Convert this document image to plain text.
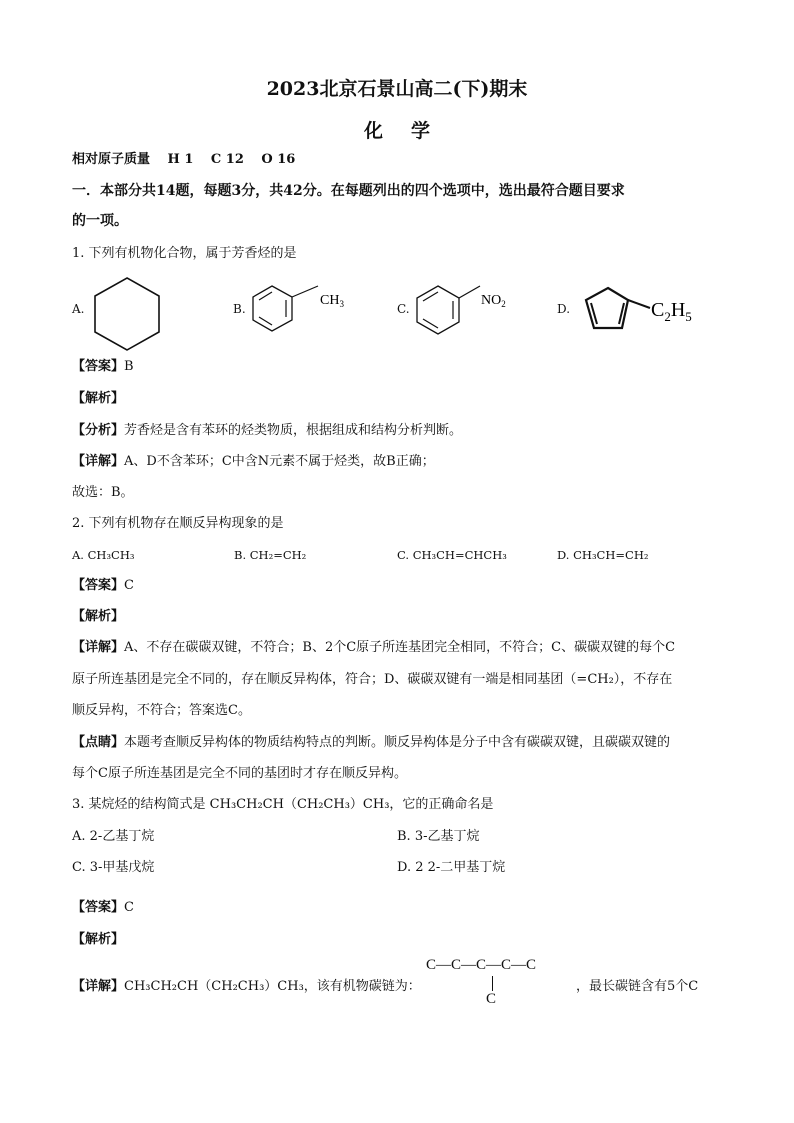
2023北京石景山高二(下)期末
化学
相对原子质量　 H 1　 C 12　 O 16
一．本部分共14题，每题3分，共42分。在每题列出的四个选项中，选出最符合题目要求
的一项。
1. 下列有机物化合物，属于芳香烃的是
A.	B.
$CH_3$	C.
$NO_2$	D.	$C_2H_5$
【答案】B
【解析】
【分析】芳香烃是含有苯环的烃类物质，根据组成和结构分析判断。
【详解】A、D不含苯环；C中含N元素不属于烃类，故B正确；
故选：B。
2. 下列有机物存在顺反异构现象的是
A. CH₃CH₃	B. CH₂=CH₂	C. CH₃CH=CHCH₃	D. CH₃CH=CH₂
【答案】C
【解析】
【详解】A、不存在碳碳双键，不符合；B、2个C原子所连基团完全相同，不符合；C、碳碳双键的每个C
原子所连基团是完全不同的，存在顺反异构体，符合；D、碳碳双键有一端是相同基团（=CH₂），不存在
顺反异构，不符合；答案选C。
【点睛】本题考查顺反异构体的物质结构特点的判断。顺反异构体是分子中含有碳碳双键，且碳碳双键的
每个C原子所连基团是完全不同的基团时才存在顺反异构。
3. 某烷烃的结构简式是 CH₃CH₂CH（CH₂CH₃）CH₃，它的正确命名是
A. 2-乙基丁烷	B. 3-乙基丁烷
C. 3-甲基戊烷	D. 2 2-二甲基丁烷
【答案】C
【解析】
【详解】CH₃CH₂CH（CH₂CH₃）CH₃，该有机物碳链为：
C—C—C—C—C
C
，最长碳链含有5个C
